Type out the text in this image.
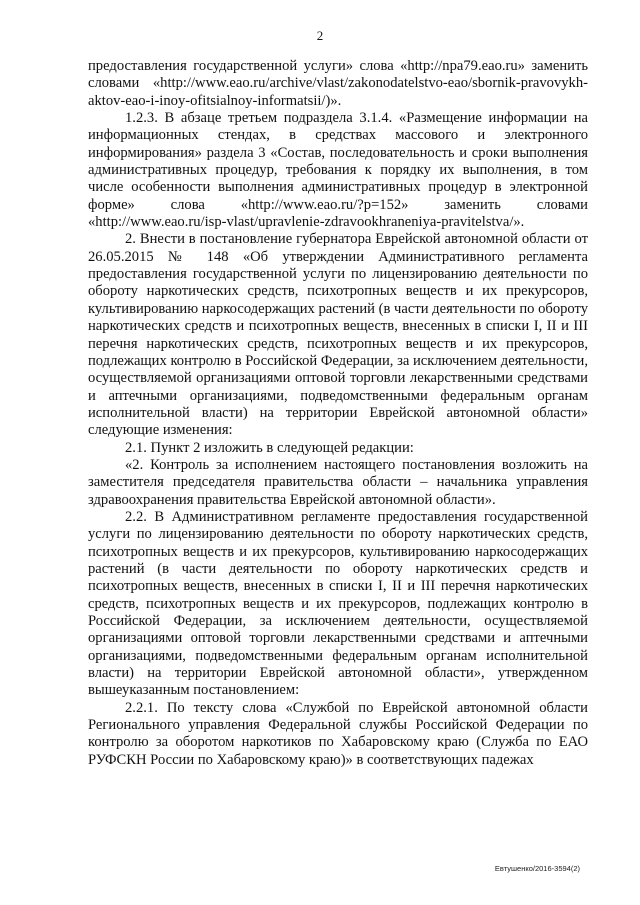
2

предоставления государственной услуги» слова «http://npa79.eao.ru» заменить словами «http://www.eao.ru/archive/vlast/zakonodatelstvo-eao/sbornik-pravovykh-aktov-eao-i-inoy-ofitsialnoy-informatsii/)».

1.2.3. В абзаце третьем подраздела 3.1.4. «Размещение информации на информационных стендах, в средствах массового и электронного информирования» раздела 3 «Состав, последовательность и сроки выполнения административных процедур, требования к порядку их выполнения, в том числе особенности выполнения административных процедур в электронной форме» слова «http://www.eao.ru/?p=152» заменить словами «http://www.eao.ru/isp-vlast/upravlenie-zdravookhraneniya-pravitelstva/».

2. Внести в постановление губернатора Еврейской автономной области от 26.05.2015 № 148 «Об утверждении Административного регламента предоставления государственной услуги по лицензированию деятельности по обороту наркотических средств, психотропных веществ и их прекурсоров, культивированию наркосодержащих растений (в части деятельности по обороту наркотических средств и психотропных веществ, внесенных в списки I, II и III перечня наркотических средств, психотропных веществ и их прекурсоров, подлежащих контролю в Российской Федерации, за исключением деятельности, осуществляемой организациями оптовой торговли лекарственными средствами и аптечными организациями, подведомственными федеральным органам исполнительной власти) на территории Еврейской автономной области» следующие изменения:

2.1. Пункт 2 изложить в следующей редакции:

«2. Контроль за исполнением настоящего постановления возложить на заместителя председателя правительства области – начальника управления здравоохранения правительства Еврейской автономной области».

2.2. В Административном регламенте предоставления государственной услуги по лицензированию деятельности по обороту наркотических средств, психотропных веществ и их прекурсоров, культивированию наркосодержащих растений (в части деятельности по обороту наркотических средств и психотропных веществ, внесенных в списки I, II и III перечня наркотических средств, психотропных веществ и их прекурсоров, подлежащих контролю в Российской Федерации, за исключением деятельности, осуществляемой организациями оптовой торговли лекарственными средствами и аптечными организациями, подведомственными федеральным органам исполнительной власти) на территории Еврейской автономной области», утвержденном вышеуказанным постановлением:

2.2.1. По тексту слова «Службой по Еврейской автономной области Регионального управления Федеральной службы Российской Федерации по контролю за оборотом наркотиков по Хабаровскому краю (Служба по ЕАО РУФСКН России по Хабаровскому краю)» в соответствующих падежах

Евтушенко/2016-3594(2)
